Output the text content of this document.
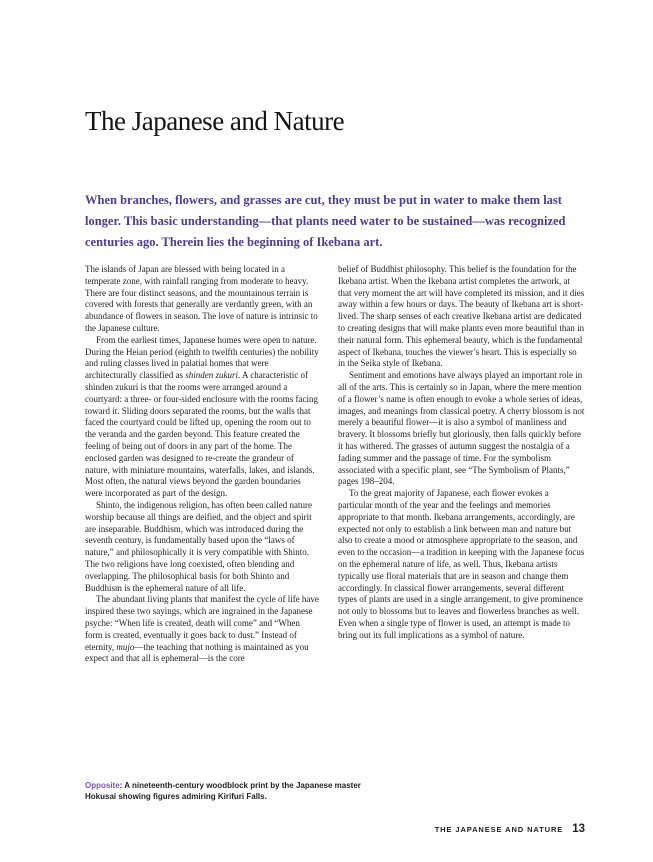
The Japanese and Nature

When branches, flowers, and grasses are cut, they must be put in water to make them last longer. This basic understanding—that plants need water to be sustained—was recognized centuries ago. Therein lies the beginning of Ikebana art.

The islands of Japan are blessed with being located in a temperate zone, with rainfall ranging from moderate to heavy. There are four distinct seasons, and the mountainous terrain is covered with forests that generally are verdantly green, with an abundance of flowers in season. The love of nature is intrinsic to the Japanese culture.

From the earliest times, Japanese homes were open to nature. During the Heian period (eighth to twelfth centuries) the nobility and ruling classes lived in palatial homes that were architecturally classified as shinden zukuri. A characteristic of shinden zukuri is that the rooms were arranged around a courtyard: a three- or four-sided enclosure with the rooms facing toward it. Sliding doors separated the rooms, but the walls that faced the courtyard could be lifted up, opening the room out to the veranda and the garden beyond. This feature created the feeling of being out of doors in any part of the home. The enclosed garden was designed to re-create the grandeur of nature, with miniature mountains, waterfalls, lakes, and islands. Most often, the natural views beyond the garden boundaries were incorporated as part of the design.

Shinto, the indigenous religion, has often been called nature worship because all things are deified, and the object and spirit are inseparable. Buddhism, which was introduced during the seventh century, is fundamentally based upon the “laws of nature,” and philosophically it is very compatible with Shinto. The two religions have long coexisted, often blending and overlapping. The philosophical basis for both Shinto and Buddhism is the ephemeral nature of all life.

The abundant living plants that manifest the cycle of life have inspired these two sayings, which are ingrained in the Japanese psyche: “When life is created, death will come” and “When form is created, eventually it goes back to dust.” Instead of eternity, mujo—the teaching that nothing is maintained as you expect and that all is ephemeral—is the core

belief of Buddhist philosophy. This belief is the foundation for the Ikebana artist. When the Ikebana artist completes the artwork, at that very moment the art will have completed its mission, and it dies away within a few hours or days. The beauty of Ikebana art is short-lived. The sharp senses of each creative Ikebana artist are dedicated to creating designs that will make plants even more beautiful than in their natural form. This ephemeral beauty, which is the fundamental aspect of Ikebana, touches the viewer’s heart. This is especially so in the Seika style of Ikebana.

Sentiment and emotions have always played an important role in all of the arts. This is certainly so in Japan, where the mere mention of a flower’s name is often enough to evoke a whole series of ideas, images, and meanings from classical poetry. A cherry blossom is not merely a beautiful flower—it is also a symbol of manliness and bravery. It blossoms briefly but gloriously, then falls quickly before it has withered. The grasses of autumn suggest the nostalgia of a fading summer and the passage of time. For the symbolism associated with a specific plant, see “The Symbolism of Plants,” pages 198–204.

To the great majority of Japanese, each flower evokes a particular month of the year and the feelings and memories appropriate to that month. Ikebana arrangements, accordingly, are expected not only to establish a link between man and nature but also to create a mood or atmosphere appropriate to the season, and even to the occasion—a tradition in keeping with the Japanese focus on the ephemeral nature of life, as well. Thus, Ikebana artists typically use floral materials that are in season and change them accordingly. In classical flower arrangements, several different types of plants are used in a single arrangement, to give prominence not only to blossoms but to leaves and flowerless branches as well. Even when a single type of flower is used, an attempt is made to bring out its full implications as a symbol of nature.

Opposite: A nineteenth-century woodblock print by the Japanese master Hokusai showing figures admiring Kirifuri Falls.

THE JAPANESE AND NATURE 13
